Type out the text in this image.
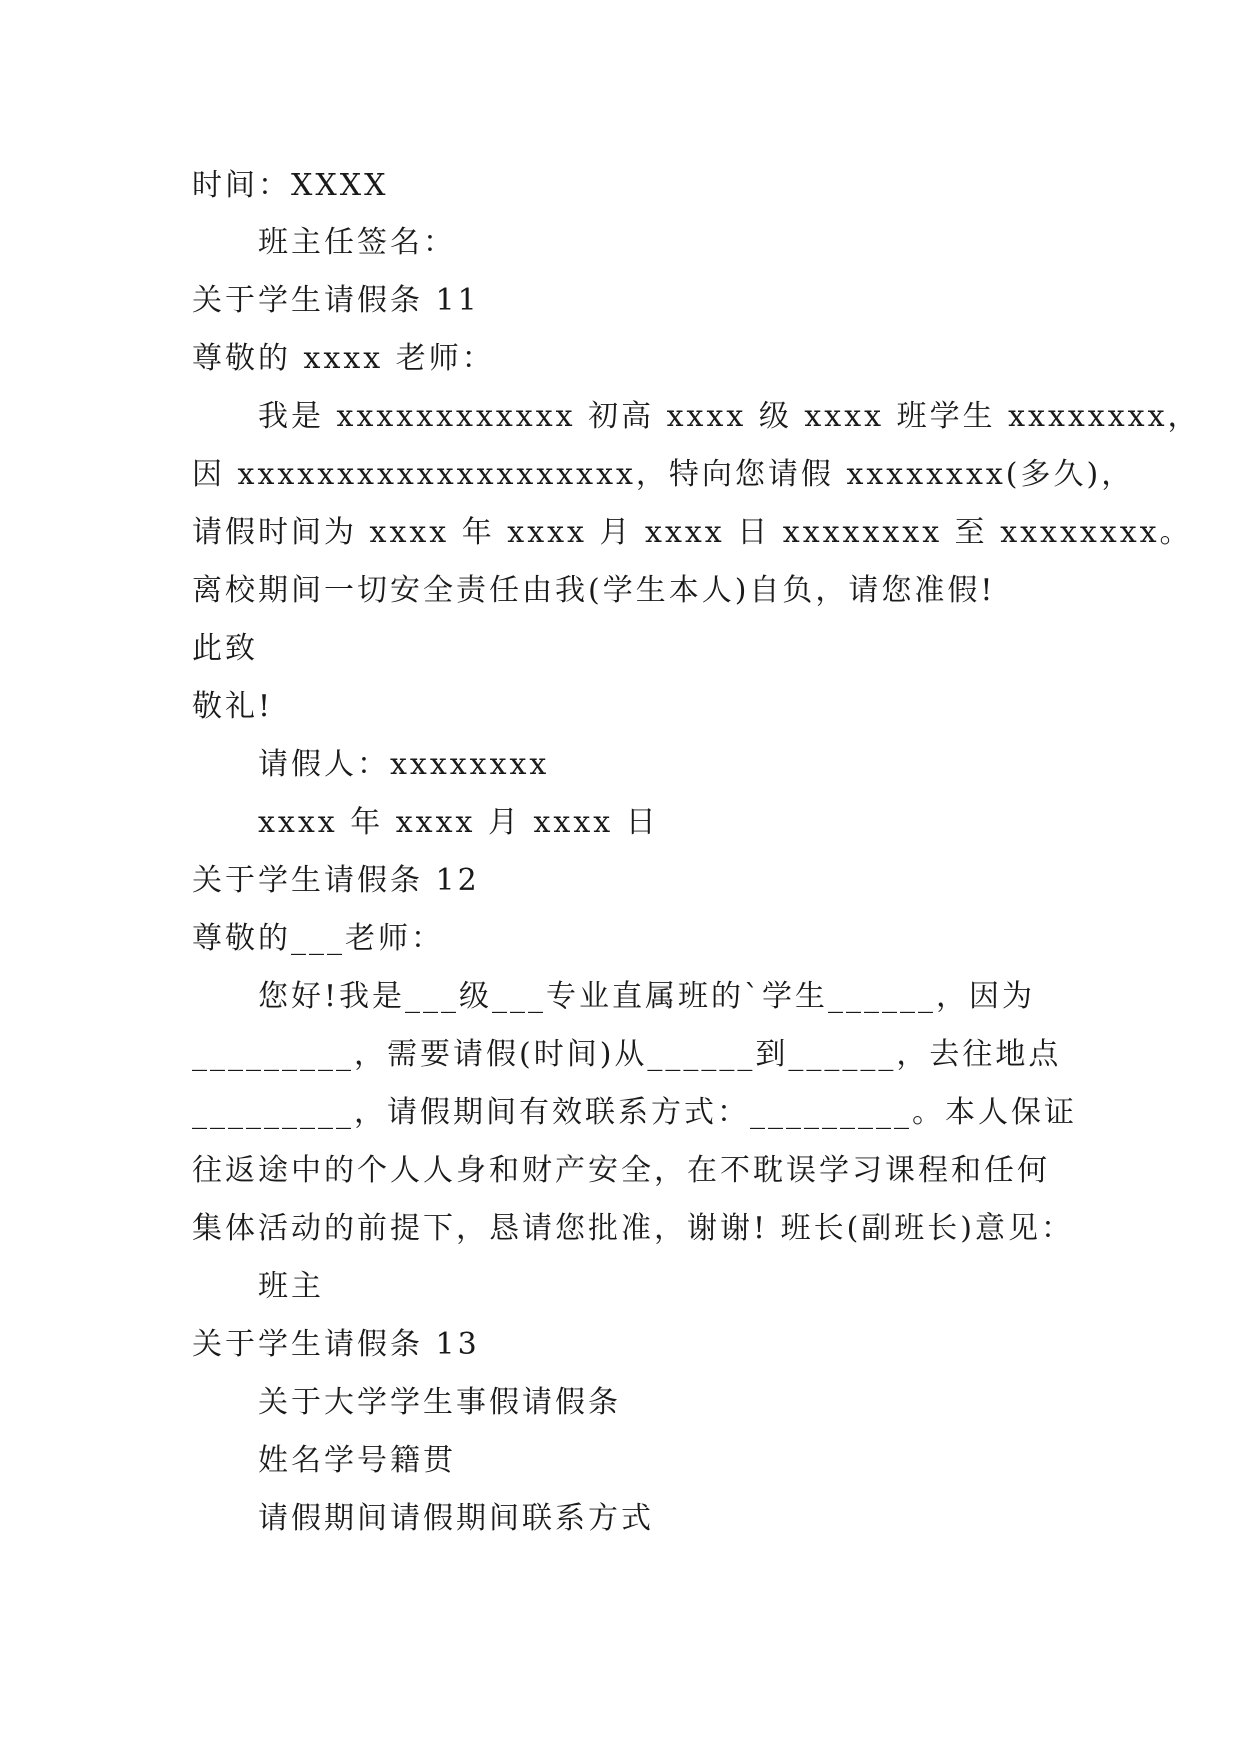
时间：XXXX
班主任签名：
关于学生请假条 11
尊敬的 xxxx 老师：
我是 xxxxxxxxxxxx 初高 xxxx 级 xxxx 班学生 xxxxxxxx，
因 xxxxxxxxxxxxxxxxxxxx，特向您请假 xxxxxxxx(多久)，
请假时间为 xxxx 年 xxxx 月 xxxx 日 xxxxxxxx 至 xxxxxxxx。
离校期间一切安全责任由我(学生本人)自负，请您准假!
此致
敬礼!
请假人：xxxxxxxx
xxxx 年 xxxx 月 xxxx 日
关于学生请假条 12
尊敬的___老师：
您好!我是___级___专业直属班的`学生______，因为
_________，需要请假(时间)从______到______，去往地点
_________，请假期间有效联系方式：_________。本人保证
往返途中的个人人身和财产安全，在不耽误学习课程和任何
集体活动的前提下，恳请您批准，谢谢! 班长(副班长)意见：
班主
关于学生请假条 13
关于大学学生事假请假条
姓名学号籍贯
请假期间请假期间联系方式
